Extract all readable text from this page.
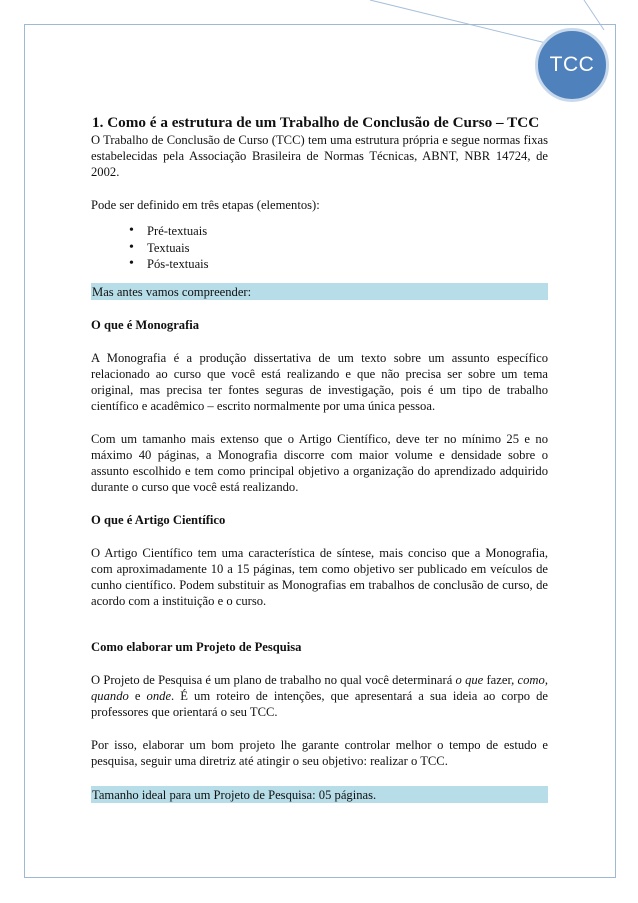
TCC

1. Como é a estrutura de um Trabalho de Conclusão de Curso – TCC

O Trabalho de Conclusão de Curso (TCC) tem uma estrutura própria e segue normas fixas estabelecidas pela Associação Brasileira de Normas Técnicas, ABNT, NBR 14724, de 2002.

Pode ser definido em três etapas (elementos):

• Pré-textuais
• Textuais
• Pós-textuais

Mas antes vamos compreender:

O que é Monografia

A Monografia é a produção dissertativa de um texto sobre um assunto específico relacionado ao curso que você está realizando e que não precisa ser sobre um tema original, mas precisa ter fontes seguras de investigação, pois é um tipo de trabalho científico e acadêmico – escrito normalmente por uma única pessoa.

Com um tamanho mais extenso que o Artigo Científico, deve ter no mínimo 25 e no máximo 40 páginas, a Monografia discorre com maior volume e densidade sobre o assunto escolhido e tem como principal objetivo a organização do aprendizado adquirido durante o curso que você está realizando.

O que é Artigo Científico

O Artigo Científico tem uma característica de síntese, mais conciso que a Monografia, com aproximadamente 10 a 15 páginas, tem como objetivo ser publicado em veículos de cunho científico. Podem substituir as Monografias em trabalhos de conclusão de curso, de acordo com a instituição e o curso.

Como elaborar um Projeto de Pesquisa

O Projeto de Pesquisa é um plano de trabalho no qual você determinará o que fazer, como, quando e onde. É um roteiro de intenções, que apresentará a sua ideia ao corpo de professores que orientará o seu TCC.

Por isso, elaborar um bom projeto lhe garante controlar melhor o tempo de estudo e pesquisa, seguir uma diretriz até atingir o seu objetivo: realizar o TCC.

Tamanho ideal para um Projeto de Pesquisa: 05 páginas.
